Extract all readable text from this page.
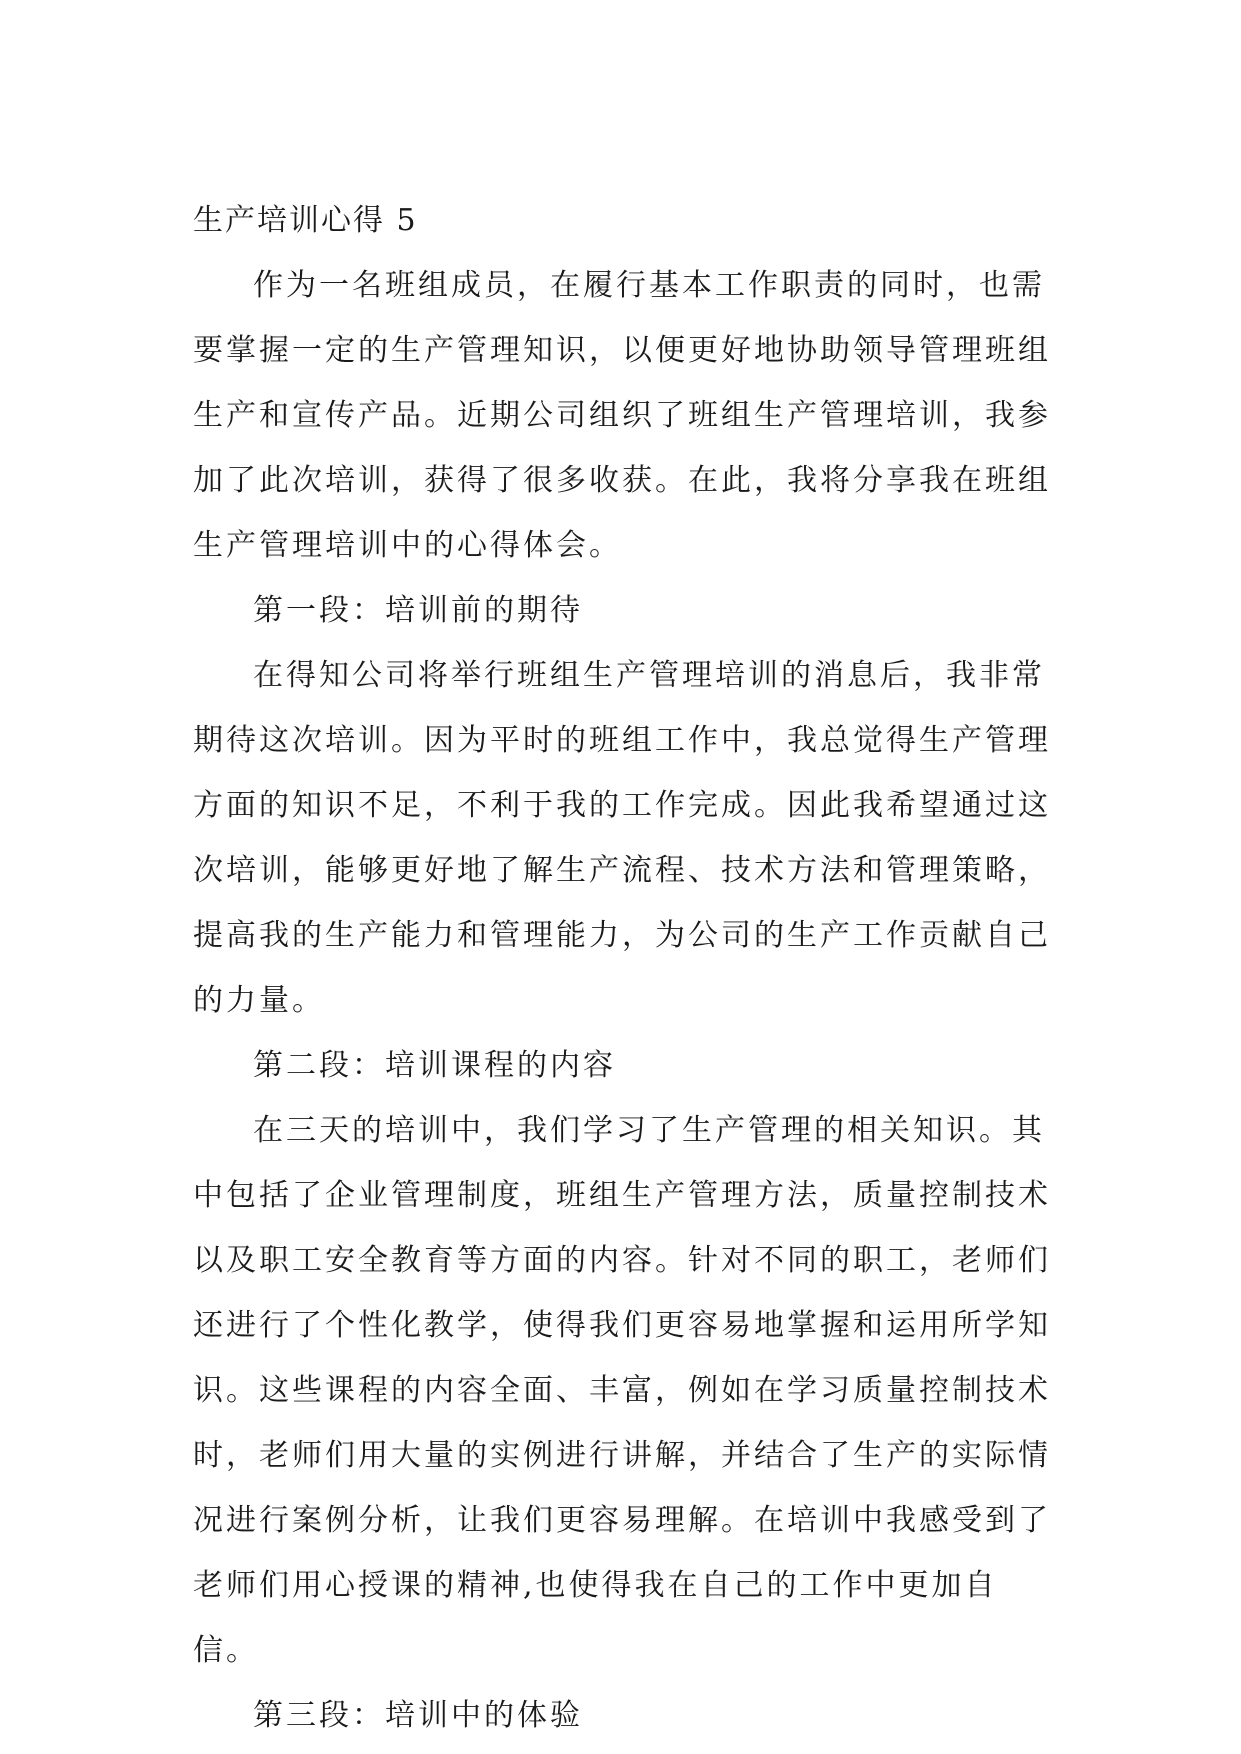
生产培训心得 5

作为一名班组成员，在履行基本工作职责的同时，也需要掌握一定的生产管理知识，以便更好地协助领导管理班组生产和宣传产品。近期公司组织了班组生产管理培训，我参加了此次培训，获得了很多收获。在此，我将分享我在班组生产管理培训中的心得体会。

第一段：培训前的期待

在得知公司将举行班组生产管理培训的消息后，我非常期待这次培训。因为平时的班组工作中，我总觉得生产管理方面的知识不足，不利于我的工作完成。因此我希望通过这次培训，能够更好地了解生产流程、技术方法和管理策略，提高我的生产能力和管理能力，为公司的生产工作贡献自己的力量。

第二段：培训课程的内容

在三天的培训中，我们学习了生产管理的相关知识。其中包括了企业管理制度，班组生产管理方法，质量控制技术以及职工安全教育等方面的内容。针对不同的职工，老师们还进行了个性化教学，使得我们更容易地掌握和运用所学知识。这些课程的内容全面、丰富，例如在学习质量控制技术时，老师们用大量的实例进行讲解，并结合了生产的实际情况进行案例分析，让我们更容易理解。在培训中我感受到了老师们用心授课的精神,也使得我在自己的工作中更加自信。

第三段：培训中的体验
